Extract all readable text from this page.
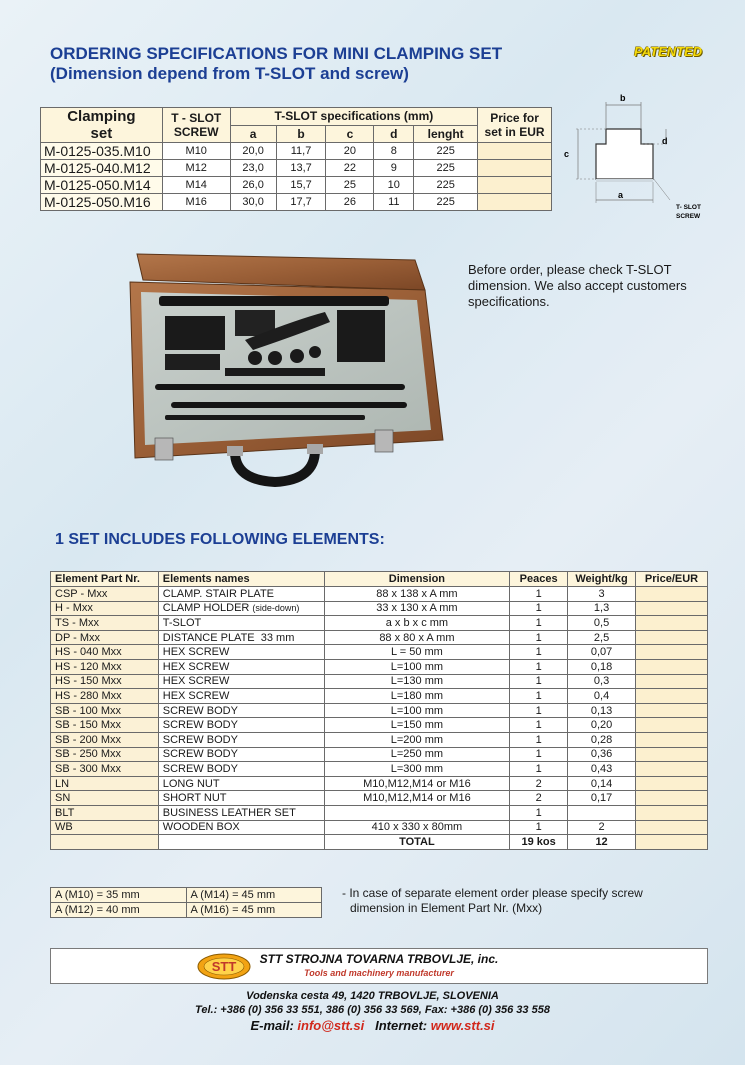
ORDERING SPECIFICATIONS FOR MINI CLAMPING SET
(Dimension depend from T-SLOT and screw)
PATENTED
Clamping
set	T - SLOT
SCREW	T-SLOT specifications (mm)					Price for
set in EUR
		a	b	c	d	lenght	
M-0125-035.M10	M10	20,0	11,7	20	8	225	
M-0125-040.M12	M12	23,0	13,7	22	9	225	
M-0125-050.M14	M14	26,0	15,7	25	10	225	
M-0125-050.M16	M16	30,0	17,7	26	11	225	
b
c
d
a
T- SLOT
SCREW
Before order, please check T-SLOT dimension. We also accept customers specifications.
1 SET INCLUDES FOLLOWING ELEMENTS:
Element Part Nr.	Elements names	Dimension	Peaces	Weight/kg	Price/EUR
CSP - Mxx	CLAMP. STAIR PLATE	88 x 138 x A mm	1	3	
H - Mxx	CLAMP HOLDER (side-down)	33 x 130 x A mm	1	1,3	
TS - Mxx	T-SLOT	a x b x c mm	1	0,5	
DP - Mxx	DISTANCE PLATE  33 mm	88 x 80 x A mm	1	2,5	
HS - 040 Mxx	HEX SCREW	L = 50 mm	1	0,07	
HS - 120 Mxx	HEX SCREW	L=100 mm	1	0,18	
HS - 150 Mxx	HEX SCREW	L=130 mm	1	0,3	
HS - 280 Mxx	HEX SCREW	L=180 mm	1	0,4	
SB - 100 Mxx	SCREW BODY	L=100 mm	1	0,13	
SB - 150 Mxx	SCREW BODY	L=150 mm	1	0,20	
SB - 200 Mxx	SCREW BODY	L=200 mm	1	0,28	
SB - 250 Mxx	SCREW BODY	L=250 mm	1	0,36	
SB - 300 Mxx	SCREW BODY	L=300 mm	1	0,43	
LN	LONG NUT	M10,M12,M14 or M16	2	0,14	
SN	SHORT NUT	M10,M12,M14 or M16	2	0,17	
BLT	BUSINESS LEATHER SET		1		
WB	WOODEN BOX	410 x 330 x 80mm	1	2	
		TOTAL	19 kos	12	
A (M10) = 35 mm	A (M14) = 45 mm
A (M12) = 40 mm	A (M16) = 45 mm
- In case of separate element order please specify screw
dimension in Element Part Nr. (Mxx)
STT	STT STROJNA TOVARNA TRBOVLJE, inc.
Tools and machinery manufacturer
Vodenska cesta 49, 1420 TRBOVLJE, SLOVENIA
Tel.: +386 (0) 356 33 551, 386 (0) 356 33 569, Fax: +386 (0) 356 33 558
E-mail: info@stt.si   Internet: www.stt.si
